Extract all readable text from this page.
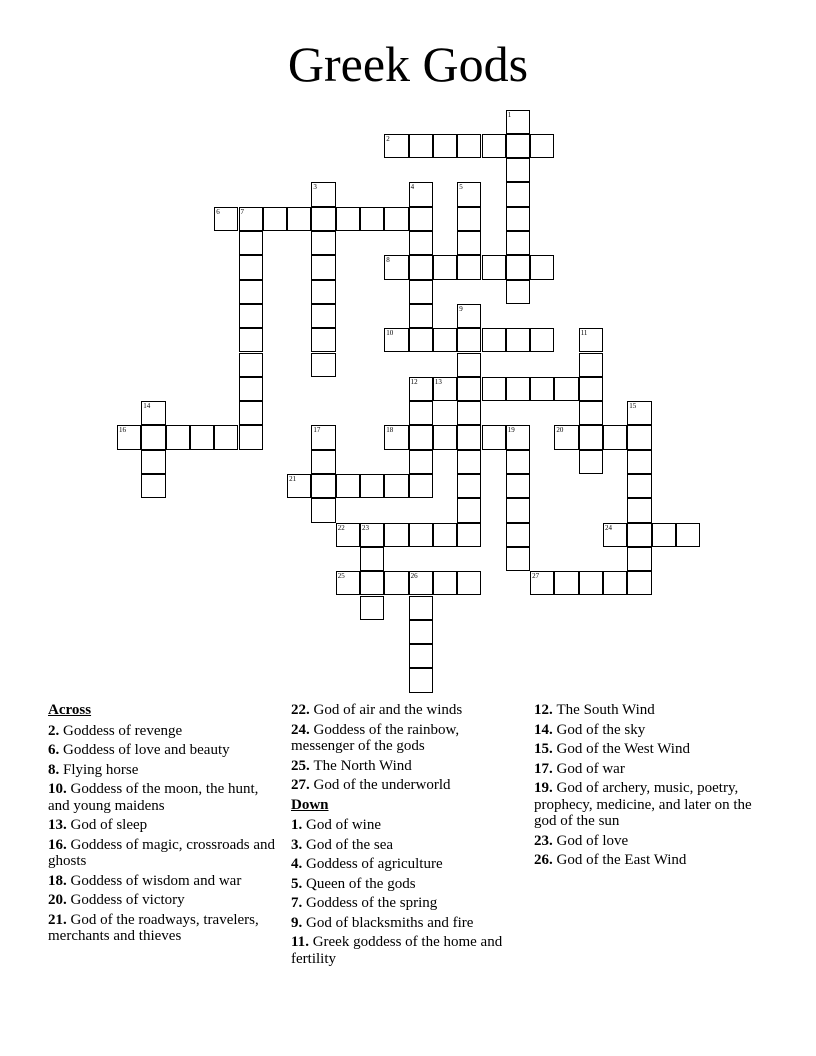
Greek Gods
2
6	7
8
10
13
16	18	19	20
21
22 23	24
25	26	27
1
3	4	5
9
11
12
14	15
17
Across
2. Goddess of revenge
6. Goddess of love and beauty
8. Flying horse
10. Goddess of the moon, the hunt, and young maidens
13. God of sleep
16. Goddess of magic, crossroads and ghosts
18. Goddess of wisdom and war
20. Goddess of victory
21. God of the roadways, travelers, merchants and thieves
22. God of air and the winds
24. Goddess of the rainbow, messenger of the gods
25. The North Wind
27. God of the underworld
Down
1. God of wine
3. God of the sea
4. Goddess of agriculture
5. Queen of the gods
7. Goddess of the spring
9. God of blacksmiths and fire
11. Greek goddess of the home and fertility
12. The South Wind
14. God of the sky
15. God of the West Wind
17. God of war
19. God of archery, music, poetry, prophecy, medicine, and later on the god of the sun
23. God of love
26. God of the East Wind
